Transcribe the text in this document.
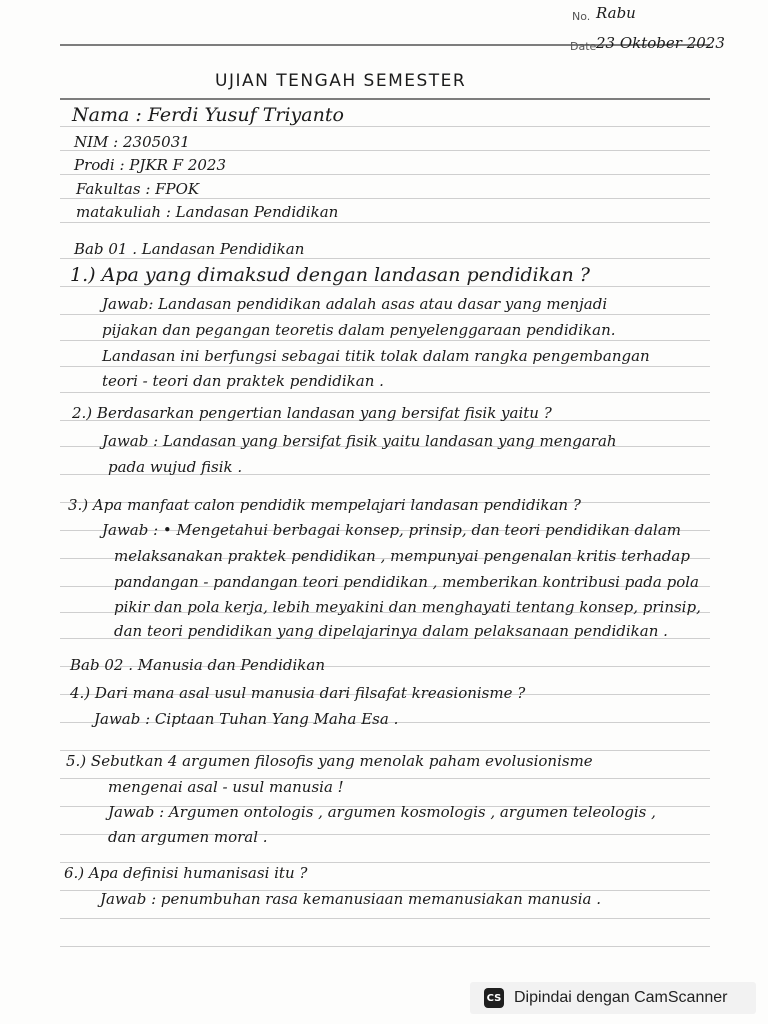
No. Rabu
Date 23 Oktober 2023
UJIAN TENGAH SEMESTER
Nama : Ferdi Yusuf Triyanto
NIM : 2305031
Prodi : PJKR F 2023
Fakultas : FPOK
matakuliah : Landasan Pendidikan
Bab 01 . Landasan Pendidikan
1.) Apa yang dimaksud dengan landasan pendidikan ?
Jawab: Landasan pendidikan adalah asas atau dasar yang menjadi
pijakan dan pegangan teoretis dalam penyelenggaraan pendidikan.
Landasan ini berfungsi sebagai titik tolak dalam rangka pengembangan
teori - teori dan praktek pendidikan .
2.) Berdasarkan pengertian landasan yang bersifat fisik yaitu ?
Jawab : Landasan yang bersifat fisik yaitu landasan yang mengarah
pada wujud fisik .
3.) Apa manfaat calon pendidik mempelajari landasan pendidikan ?
Jawab : • Mengetahui berbagai konsep, prinsip, dan teori pendidikan dalam
melaksanakan praktek pendidikan , mempunyai pengenalan kritis terhadap
pandangan - pandangan teori pendidikan , memberikan kontribusi pada pola
pikir dan pola kerja, lebih meyakini dan menghayati tentang konsep, prinsip,
dan teori pendidikan yang dipelajarinya dalam pelaksanaan pendidikan .
Bab 02 . Manusia dan Pendidikan
4.) Dari mana asal usul manusia dari filsafat kreasionisme ?
Jawab : Ciptaan Tuhan Yang Maha Esa .
5.) Sebutkan 4 argumen filosofis yang menolak paham evolusionisme
mengenai asal - usul manusia !
Jawab : Argumen ontologis , argumen kosmologis , argumen teleologis ,
dan argumen moral .
6.) Apa definisi humanisasi itu ?
Jawab : penumbuhan rasa kemanusiaan memanusiakan manusia .
CS Dipindai dengan CamScanner
